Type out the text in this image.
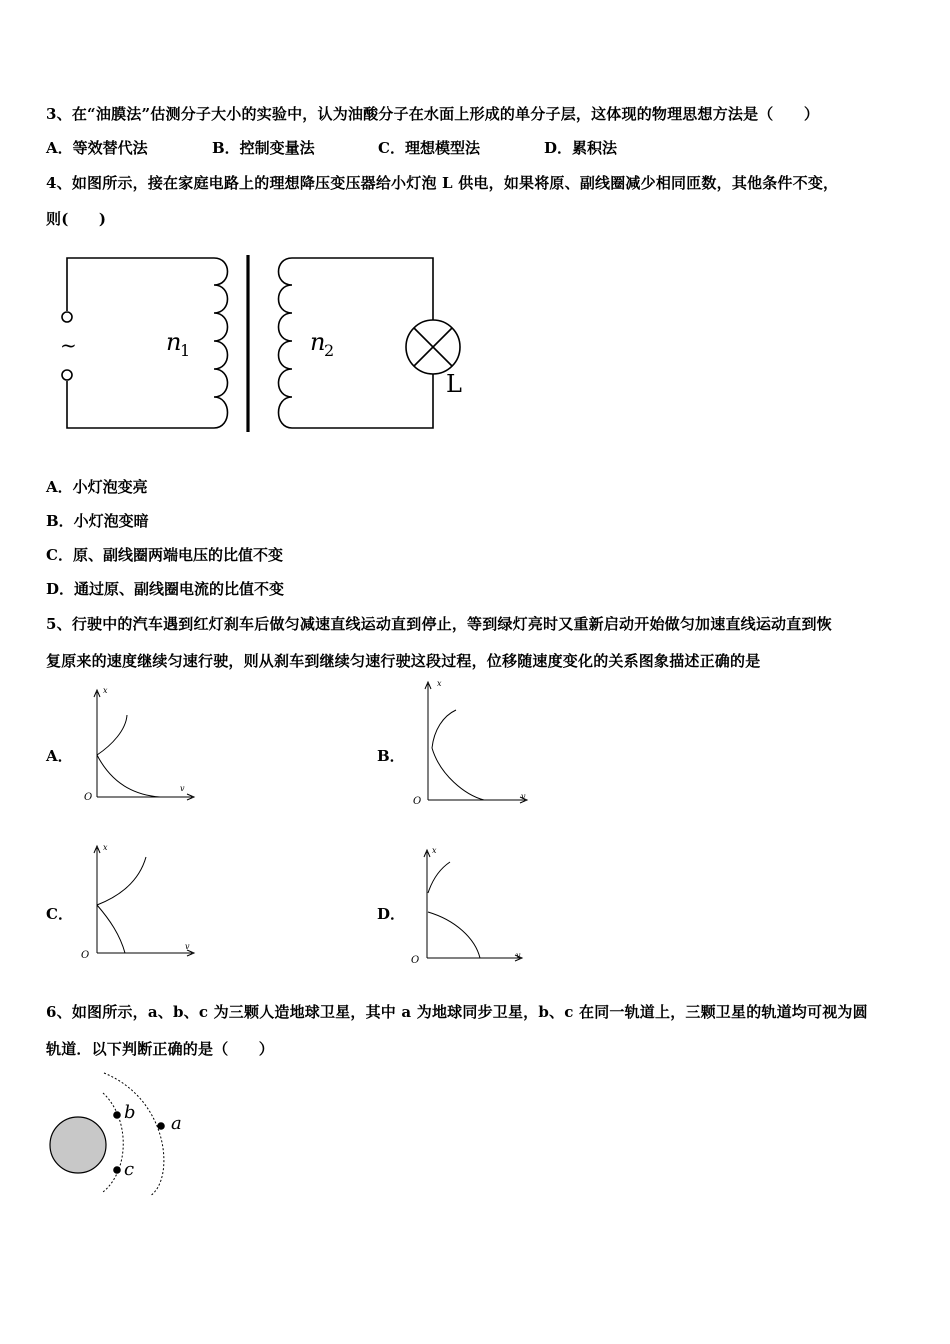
3、在“油膜法”估测分子大小的实验中，认为油酸分子在水面上形成的单分子层，这体现的物理思想方法是（　　）
A．等效替代法	B．控制变量法	C．理想模型法	D．累积法
4、如图所示，接在家庭电路上的理想降压变压器给小灯泡 L 供电，如果将原、副线圈减少相同匝数，其他条件不变，
则(　　)
~	n
1	n
2
L
A．小灯泡变亮
B．小灯泡变暗
C．原、副线圈两端电压的比值不变
D．通过原、副线圈电流的比值不变
5、行驶中的汽车遇到红灯刹车后做匀减速直线运动直到停止，等到绿灯亮时又重新启动开始做匀加速直线运动直到恢
复原来的速度继续匀速行驶，则从刹车到继续匀速行驶这段过程，位移随速度变化的关系图象描述正确的是
A．	B．
C．	D．
x
v
O
x
v
O
x
v
O
x
v
O
6、如图所示，a、b、c 为三颗人造地球卫星，其中 a 为地球同步卫星，b、c 在同一轨道上，三颗卫星的轨道均可视为圆
轨道．以下判断正确的是（　　）
b
c
a
